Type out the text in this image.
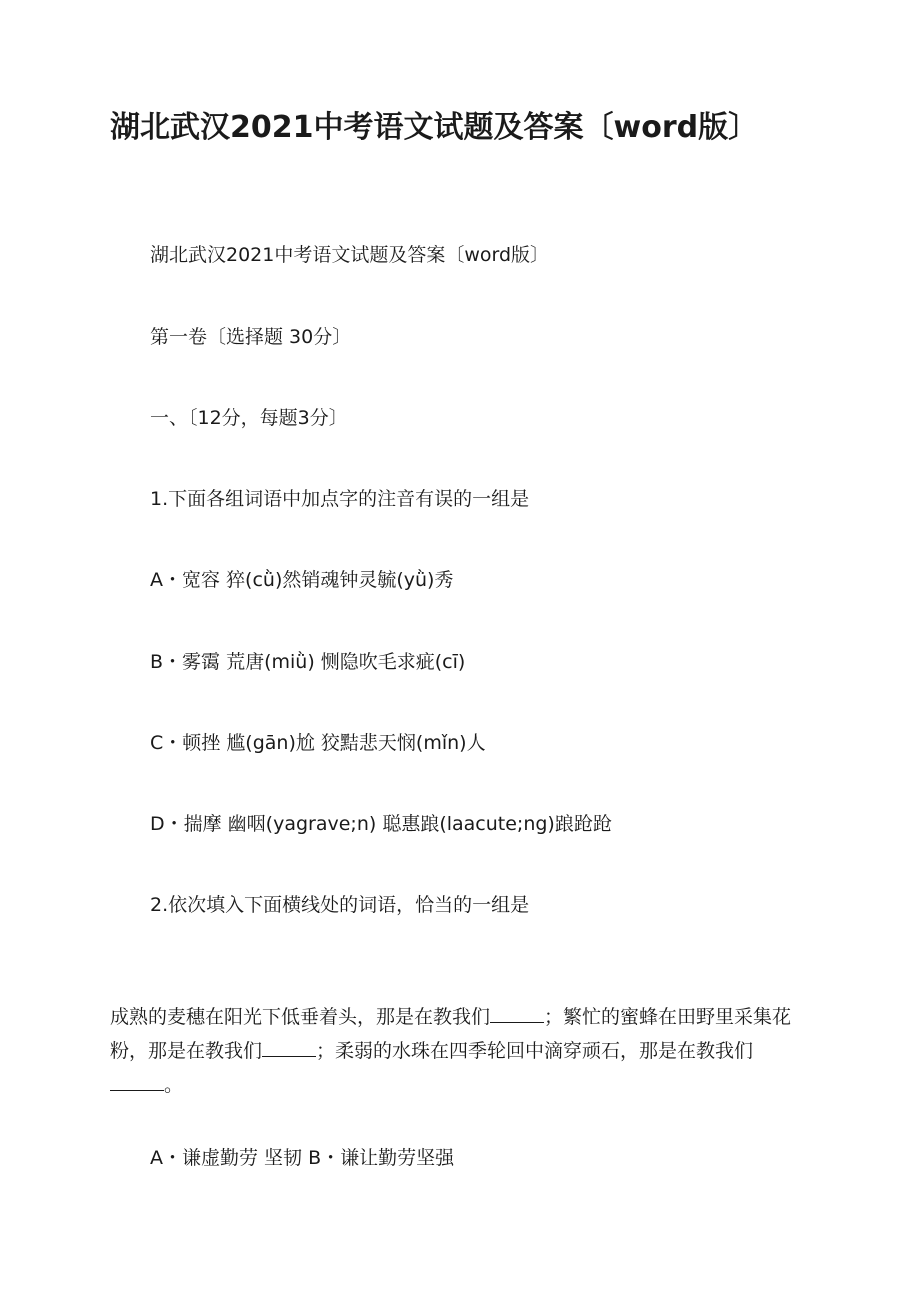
湖北武汉2021中考语文试题及答案〔word版〕
湖北武汉2021中考语文试题及答案〔word版〕
第一卷〔选择题 30分〕
一、〔12分，每题3分〕
1.下面各组词语中加点字的注音有误的一组是
A・宽容 猝(cǜ)然销魂钟灵毓(yǜ)秀
B・雾霭 荒唐(miǜ) 恻隐吹毛求疵(cī)
C・顿挫 尴(gān)尬 狡黠悲天悯(mǐn)人
D・揣摩 幽咽(yagrave;n) 聪惠踉(laacute;ng)踉跄跄
2.依次填入下面横线处的词语，恰当的一组是

成熟的麦穗在阳光下低垂着头，那是在教我们	；繁忙的蜜蜂在田野里采集花粉，那是在教我们	；柔弱的水珠在四季轮回中滴穿顽石，那是在教我们
。

A・谦虚勤劳 坚韧 B・谦让勤劳坚强
